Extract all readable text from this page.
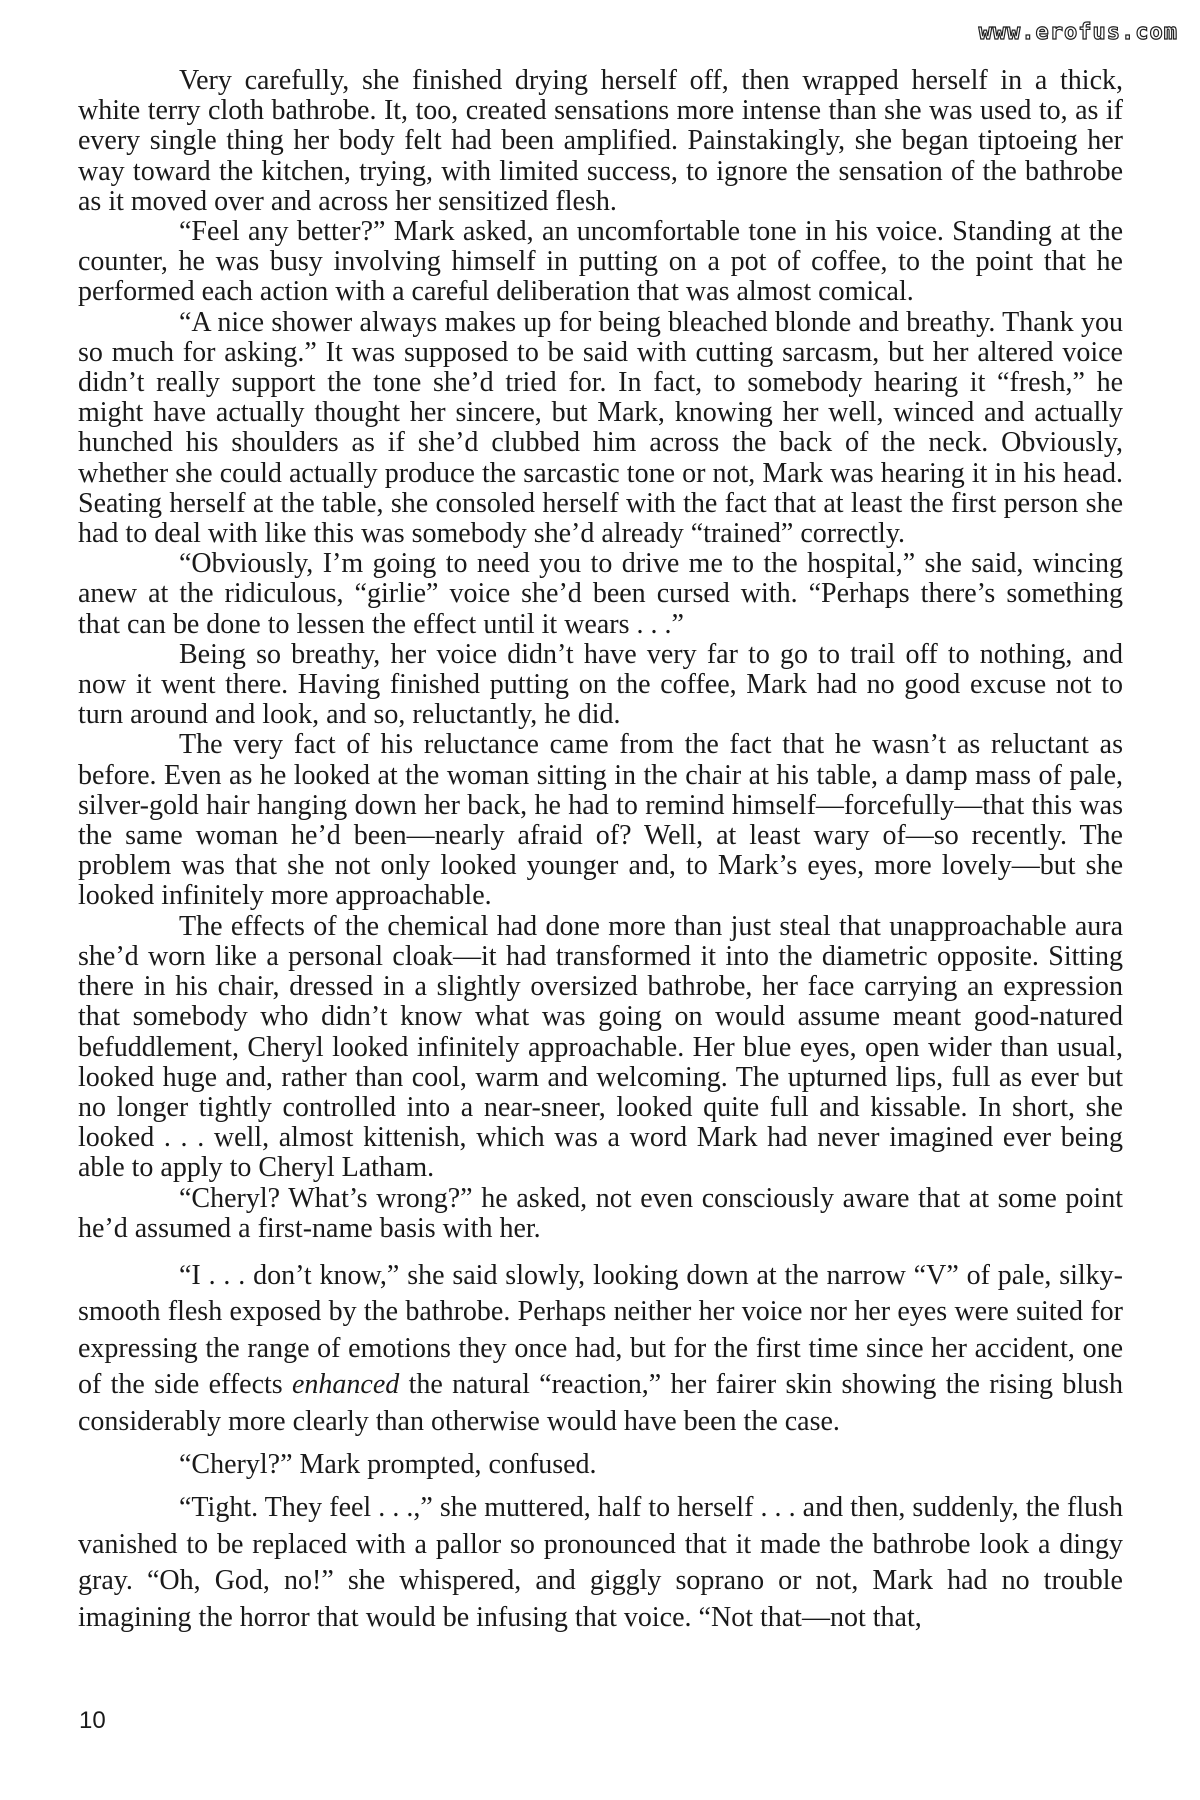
www.erofus.com

Very carefully, she finished drying herself off, then wrapped herself in a thick, white terry cloth bathrobe. It, too, created sensations more intense than she was used to, as if every single thing her body felt had been amplified. Painstakingly, she began tiptoeing her way toward the kitchen, trying, with limited success, to ignore the sensation of the bathrobe as it moved over and across her sensitized flesh.

“Feel any better?” Mark asked, an uncomfortable tone in his voice. Standing at the counter, he was busy involving himself in putting on a pot of coffee, to the point that he performed each action with a careful deliberation that was almost comical.

“A nice shower always makes up for being bleached blonde and breathy. Thank you so much for asking.” It was supposed to be said with cutting sarcasm, but her altered voice didn’t really support the tone she’d tried for. In fact, to somebody hearing it “fresh,” he might have actually thought her sincere, but Mark, knowing her well, winced and actually hunched his shoulders as if she’d clubbed him across the back of the neck. Obviously, whether she could actually produce the sarcastic tone or not, Mark was hearing it in his head. Seating herself at the table, she consoled herself with the fact that at least the first person she had to deal with like this was somebody she’d already “trained” correctly.

“Obviously, I’m going to need you to drive me to the hospital,” she said, wincing anew at the ridiculous, “girlie” voice she’d been cursed with. “Perhaps there’s something that can be done to lessen the effect until it wears . . .”

Being so breathy, her voice didn’t have very far to go to trail off to nothing, and now it went there. Having finished putting on the coffee, Mark had no good excuse not to turn around and look, and so, reluctantly, he did.

The very fact of his reluctance came from the fact that he wasn’t as reluctant as before. Even as he looked at the woman sitting in the chair at his table, a damp mass of pale, silver-gold hair hanging down her back, he had to remind himself—forcefully—that this was the same woman he’d been—nearly afraid of? Well, at least wary of—so recently. The problem was that she not only looked younger and, to Mark’s eyes, more lovely—but she looked infinitely more approachable.

The effects of the chemical had done more than just steal that unapproachable aura she’d worn like a personal cloak—it had transformed it into the diametric opposite. Sitting there in his chair, dressed in a slightly oversized bathrobe, her face carrying an expression that somebody who didn’t know what was going on would assume meant good-natured befuddlement, Cheryl looked infinitely approachable. Her blue eyes, open wider than usual, looked huge and, rather than cool, warm and welcoming. The upturned lips, full as ever but no longer tightly controlled into a near-sneer, looked quite full and kissable. In short, she looked . . . well, almost kittenish, which was a word Mark had never imagined ever being able to apply to Cheryl Latham.

“Cheryl? What’s wrong?” he asked, not even consciously aware that at some point he’d assumed a first-name basis with her.

“I . . . don’t know,” she said slowly, looking down at the narrow “V” of pale, silky-smooth flesh exposed by the bathrobe. Perhaps neither her voice nor her eyes were suited for expressing the range of emotions they once had, but for the first time since her accident, one of the side effects enhanced the natural “reaction,” her fairer skin showing the rising blush considerably more clearly than otherwise would have been the case.

“Cheryl?” Mark prompted, confused.

“Tight. They feel . . .,” she muttered, half to herself . . . and then, suddenly, the flush vanished to be replaced with a pallor so pronounced that it made the bathrobe look a dingy gray. “Oh, God, no!” she whispered, and giggly soprano or not, Mark had no trouble imagining the horror that would be infusing that voice. “Not that—not that,

10
